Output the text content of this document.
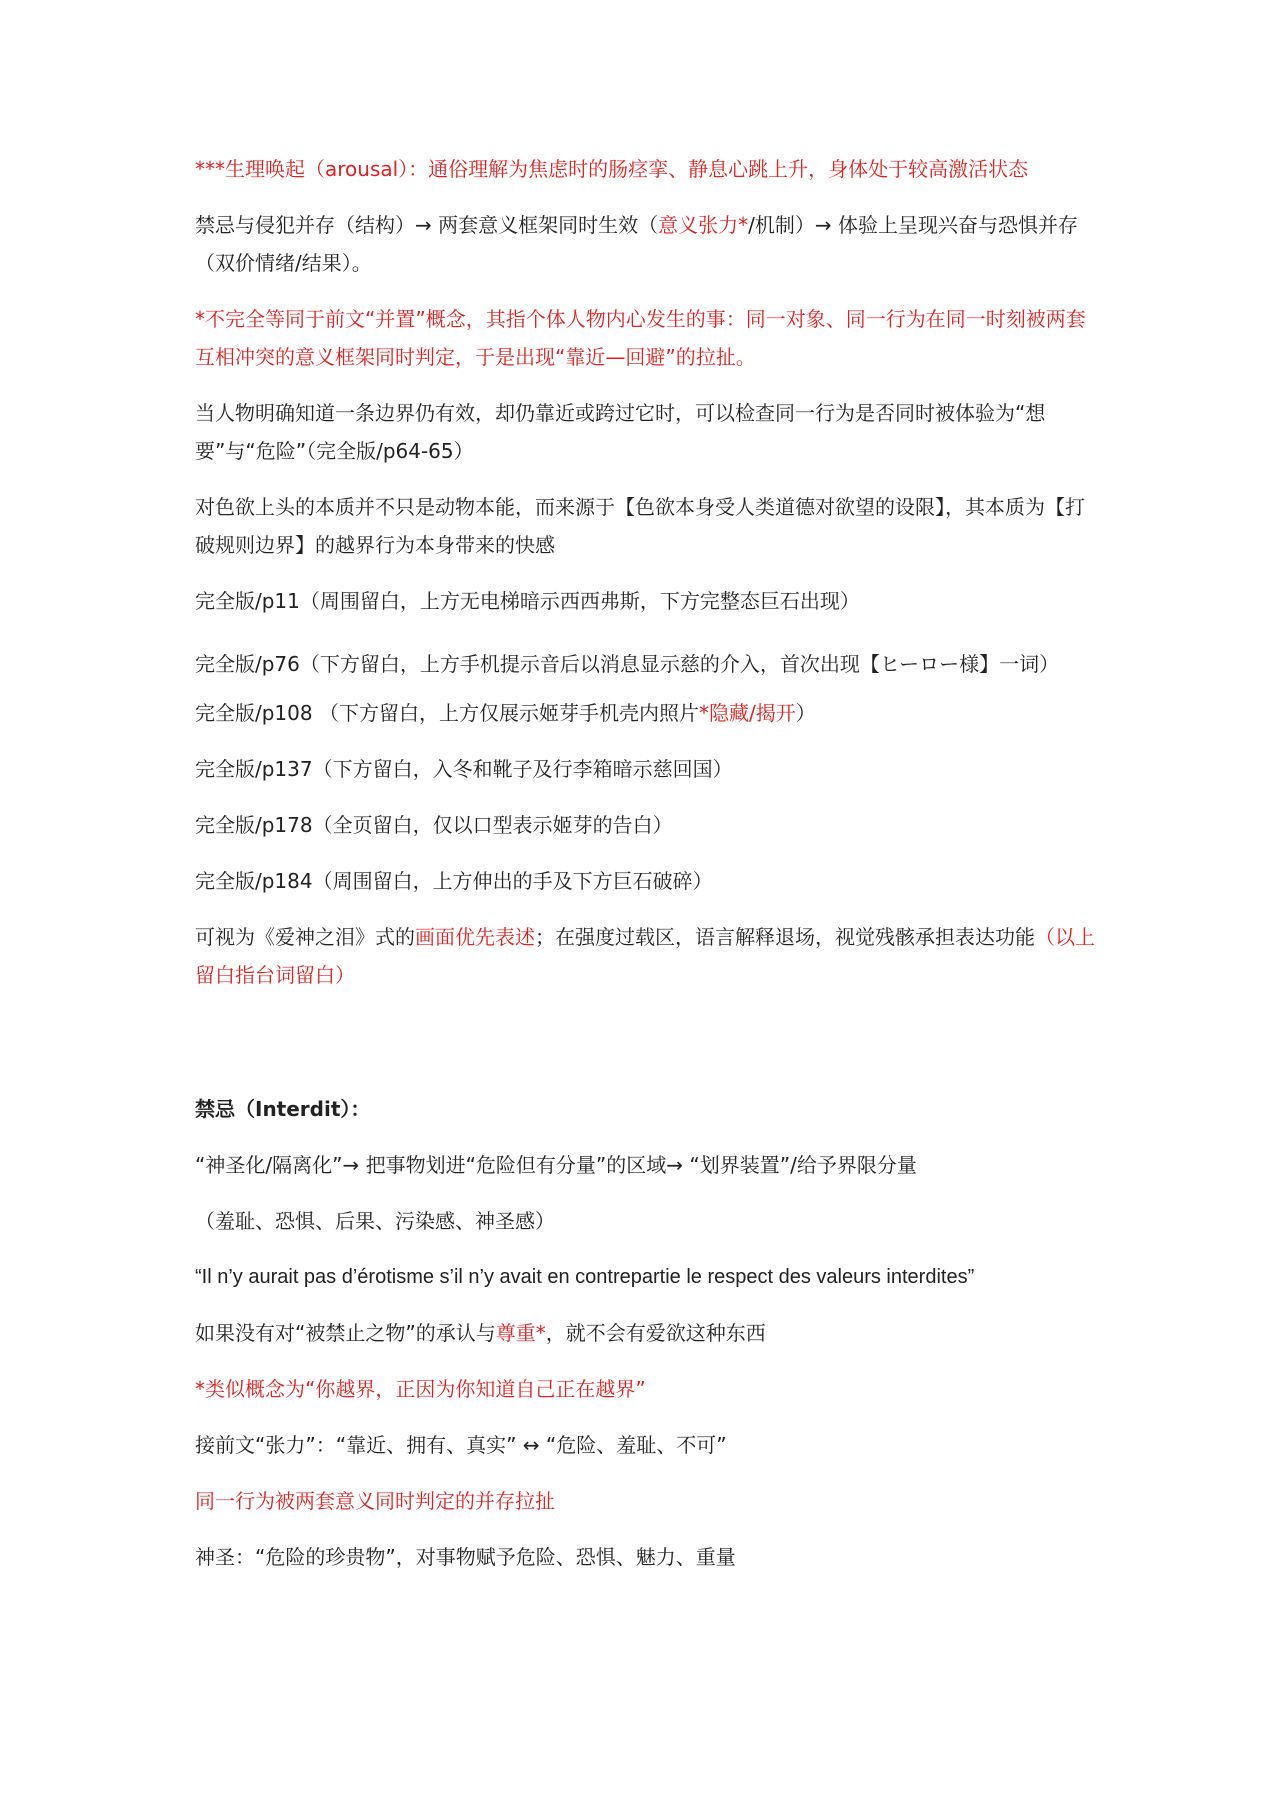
***生理唤起（arousal）：通俗理解为焦虑时的肠痉挛、静息心跳上升，身体处于较高激活状态

禁忌与侵犯并存（结构）→ 两套意义框架同时生效（意义张力*/机制）→ 体验上呈现兴奋与恐惧并存（双价情绪/结果）。

*不完全等同于前文“并置”概念，其指个体人物内心发生的事：同一对象、同一行为在同一时刻被两套互相冲突的意义框架同时判定，于是出现“靠近—回避”的拉扯。

当人物明确知道一条边界仍有效，却仍靠近或跨过它时，可以检查同一行为是否同时被体验为“想要”与“危险”（完全版/p64-65）

对色欲上头的本质并不只是动物本能，而来源于【色欲本身受人类道德对欲望的设限】，其本质为【打破规则边界】的越界行为本身带来的快感

完全版/p11（周围留白，上方无电梯暗示西西弗斯，下方完整态巨石出现）

完全版/p76（下方留白，上方手机提示音后以消息显示慈的介入，首次出现【ヒーロー様】一词）

完全版/p108 （下方留白，上方仅展示姬芽手机壳内照片*隐藏/揭开）

完全版/p137（下方留白，入冬和靴子及行李箱暗示慈回国）

完全版/p178（全页留白，仅以口型表示姬芽的告白）

完全版/p184（周围留白，上方伸出的手及下方巨石破碎）

可视为《爱神之泪》式的画面优先表述；在强度过载区，语言解释退场，视觉残骸承担表达功能（以上留白指台词留白）

禁忌（Interdit）：

“神圣化/隔离化”→ 把事物划进“危险但有分量”的区域→ “划界装置”/给予界限分量

（羞耻、恐惧、后果、污染感、神圣感）

“Il n’y aurait pas d’érotisme s’il n’y avait en contrepartie le respect des valeurs interdites”

如果没有对“被禁止之物”的承认与尊重*，就不会有爱欲这种东西

*类似概念为“你越界，正因为你知道自己正在越界”

接前文“张力”：“靠近、拥有、真实” ↔ “危险、羞耻、不可”

同一行为被两套意义同时判定的并存拉扯

神圣：“危险的珍贵物”，对事物赋予危险、恐惧、魅力、重量
